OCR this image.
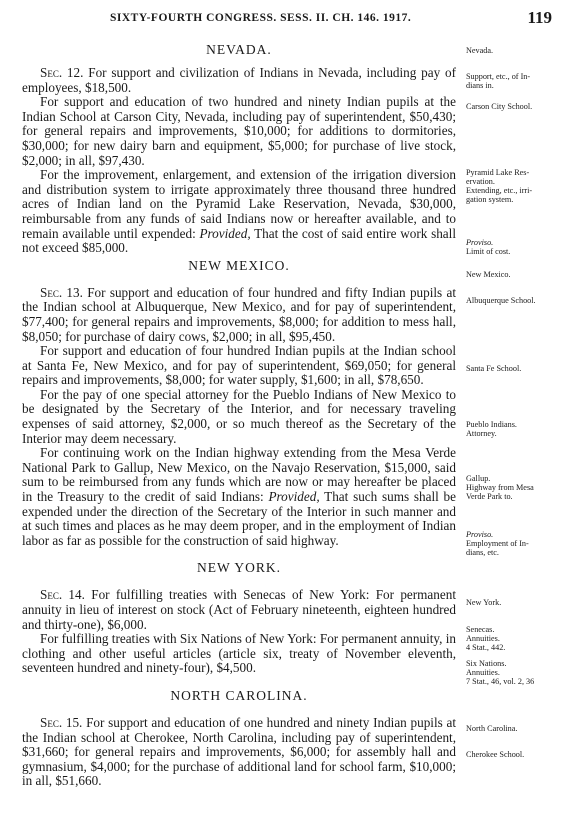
SIXTY-FOURTH CONGRESS. SESS. II. CH. 146. 1917.	119
NEVADA.

Sec. 12. For support and civilization of Indians in Nevada, including pay of employees, $18,500.

For support and education of two hundred and ninety Indian pupils at the Indian School at Carson City, Nevada, including pay of superintendent, $50,430; for general repairs and improvements, $10,000; for additions to dormitories, $30,000; for new dairy barn and equipment, $5,000; for purchase of live stock, $2,000; in all, $97,430.

For the improvement, enlargement, and extension of the irrigation diversion and distribution system to irrigate approximately three thousand three hundred acres of Indian land on the Pyramid Lake Reservation, Nevada, $30,000, reimbursable from any funds of said Indians now or hereafter available, and to remain available until expended: Provided, That the cost of said entire work shall not exceed $85,000.

NEW MEXICO.

Sec. 13. For support and education of four hundred and fifty Indian pupils at the Indian school at Albuquerque, New Mexico, and for pay of superintendent, $77,400; for general repairs and improvements, $8,000; for addition to mess hall, $8,050; for purchase of dairy cows, $2,000; in all, $95,450.

For support and education of four hundred Indian pupils at the Indian school at Santa Fe, New Mexico, and for pay of superintendent, $69,050; for general repairs and improvements, $8,000; for water supply, $1,600; in all, $78,650.

For the pay of one special attorney for the Pueblo Indians of New Mexico to be designated by the Secretary of the Interior, and for necessary traveling expenses of said attorney, $2,000, or so much thereof as the Secretary of the Interior may deem necessary.

For continuing work on the Indian highway extending from the Mesa Verde National Park to Gallup, New Mexico, on the Navajo Reservation, $15,000, said sum to be reimbursed from any funds which are now or may hereafter be placed in the Treasury to the credit of said Indians: Provided, That such sums shall be expended under the direction of the Secretary of the Interior in such manner and at such times and places as he may deem proper, and in the employment of Indian labor as far as possible for the construction of said highway.

NEW YORK.

Sec. 14. For fulfilling treaties with Senecas of New York: For permanent annuity in lieu of interest on stock (Act of February nineteenth, eighteen hundred and thirty-one), $6,000.

For fulfilling treaties with Six Nations of New York: For permanent annuity, in clothing and other useful articles (article six, treaty of November eleventh, seventeen hundred and ninety-four), $4,500.

NORTH CAROLINA.

Sec. 15. For support and education of one hundred and ninety Indian pupils at the Indian school at Cherokee, North Carolina, including pay of superintendent, $31,660; for general repairs and improvements, $6,000; for assembly hall and gymnasium, $4,000; for the purchase of additional land for school farm, $10,000; in all, $51,660.

Nevada.
Support, etc., of In-
dians in.
Carson City School.
Pyramid Lake Res-
ervation.
Extending, etc., irri-
gation system.
Proviso.
Limit of cost.
New Mexico.
Albuquerque School.
Santa Fe School.
Pueblo Indians.
Attorney.
Gallup.
Highway from Mesa
Verde Park to.
Proviso.
Employment of In-
dians, etc.
New York.
Senecas.
Annuities.
4 Stat., 442.
Six Nations.
Annuities.
7 Stat., 46, vol. 2, 36
North Carolina.
Cherokee School.
